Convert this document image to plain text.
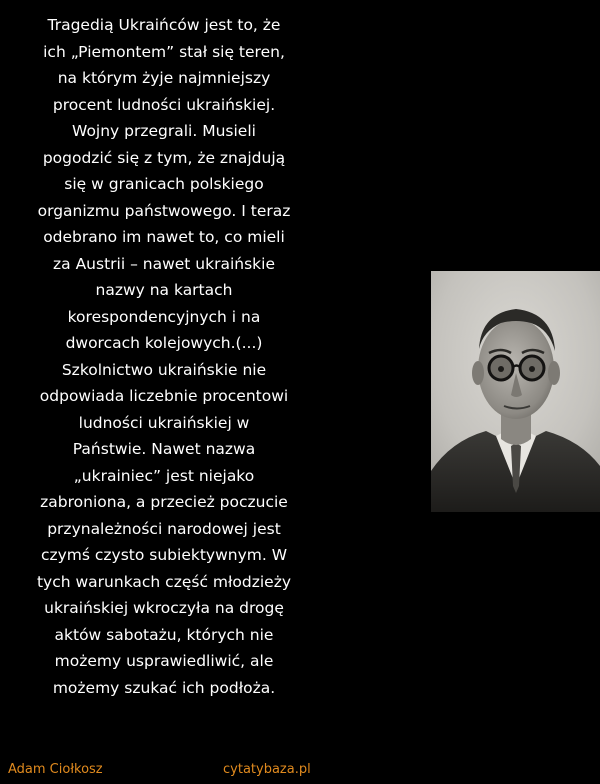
Tragedią Ukraińców jest to, że
ich „Piemontem” stał się teren,
na którym żyje najmniejszy
procent ludności ukraińskiej.
Wojny przegrali. Musieli
pogodzić się z tym, że znajdują
się w granicach polskiego
organizmu państwowego. I teraz
odebrano im nawet to, co mieli
za Austrii – nawet ukraińskie
nazwy na kartach
korespondencyjnych i na
dworcach kolejowych.(...)
Szkolnictwo ukraińskie nie
odpowiada liczebnie procentowi
ludności ukraińskiej w
Państwie. Nawet nazwa
„ukrainiec” jest niejako
zabroniona, a przecież poczucie
przynależności narodowej jest
czymś czysto subiektywnym. W
tych warunkach część młodzieży
ukraińskiej wkroczyła na drogę
aktów sabotażu, których nie
możemy usprawiedliwić, ale
możemy szukać ich podłoża.
Adam Ciołkosz	cytatybaza.pl
